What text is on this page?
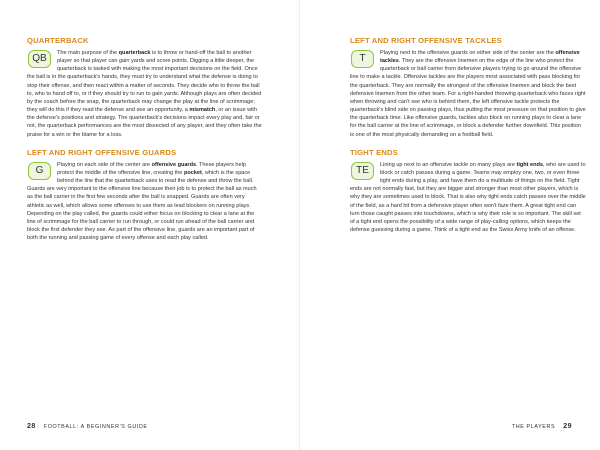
QUARTERBACK

QB	The main purpose of the quarterback is to throw or hand-off the ball to another player so that player can gain yards and score points. Digging a little deeper, the quarterback is tasked with making the most important decisions on the field. Once the ball is in the quarterback's hands, they must try to understand what the defense is doing to stop their offense, and then react within a matter of seconds. They decide who to throw the ball to, who to hand off to, or if they should try to run to gain yards. Although plays are often decided by the coach before the snap, the quarterback may change the play at the line of scrimmage; they will do this if they read the defense and see an opportunity, a mismatch, or an issue with the defense's positions and strategy. The quarterback's decisions impact every play and, fair or not, the quarterback performances are the most dissected of any player, and they often take the praise for a win or the blame for a loss.

LEFT AND RIGHT OFFENSIVE GUARDS

G	Playing on each side of the center are offensive guards. These players help protect the middle of the offensive line, creating the pocket, which is the space behind the line that the quarterback uses to read the defense and throw the ball. Guards are very important to the offensive line because their job is to protect the ball as much as the ball carrier in the first few seconds after the ball is snapped. Guards are often very athletic as well, which allows some offenses to use them as lead blockers on running plays. Depending on the play called, the guards could either focus on blocking to clear a lane at the line of scrimmage for the ball carrier to run through, or could run ahead of the ball carrier and block the first defender they see. As part of the offensive line, guards are an important part of both the running and passing game of every offense and each play called.

28 FOOTBALL: A BEGINNER'S GUIDE
LEFT AND RIGHT OFFENSIVE TACKLES

T	Playing next to the offensive guards on either side of the center are the offensive tackles. They are the offensive linemen on the edge of the line who protect the quarterback or ball carrier from defensive players trying to go around the offensive line to make a tackle. Offensive tackles are the players most associated with pass blocking for the quarterback. They are normally the strongest of the offensive linemen and block the best defensive linemen from the other team. For a right-handed throwing quarterback who faces right when throwing and can't see who is behind them, the left offensive tackle protects the quarterback's blind side on passing plays, thus putting the most pressure on that position to give the quarterback time. Like offensive guards, tackles also block on running plays to clear a lane for the ball carrier at the line of scrimmage, or block a defender further downfield. This position is one of the most physically demanding on a football field.

TIGHT ENDS

TE	Lining up next to an offensive tackle on many plays are tight ends, who are used to block or catch passes during a game. Teams may employ one, two, or even three tight ends during a play, and have them do a multitude of things on the field. Tight ends are not normally fast, but they are bigger and stronger than most other players, which is why they are sometimes used to block. That is also why tight ends catch passes over the middle of the field, as a hard hit from a defensive player often won't faze them. A great tight end can turn those caught passes into touchdowns, which is why their role is so important. The skill set of a tight end opens the possibility of a wide range of play-calling options, which keeps the defense guessing during a game. Think of a tight end as the Swiss Army knife of an offense.

THE PLAYERS 29
